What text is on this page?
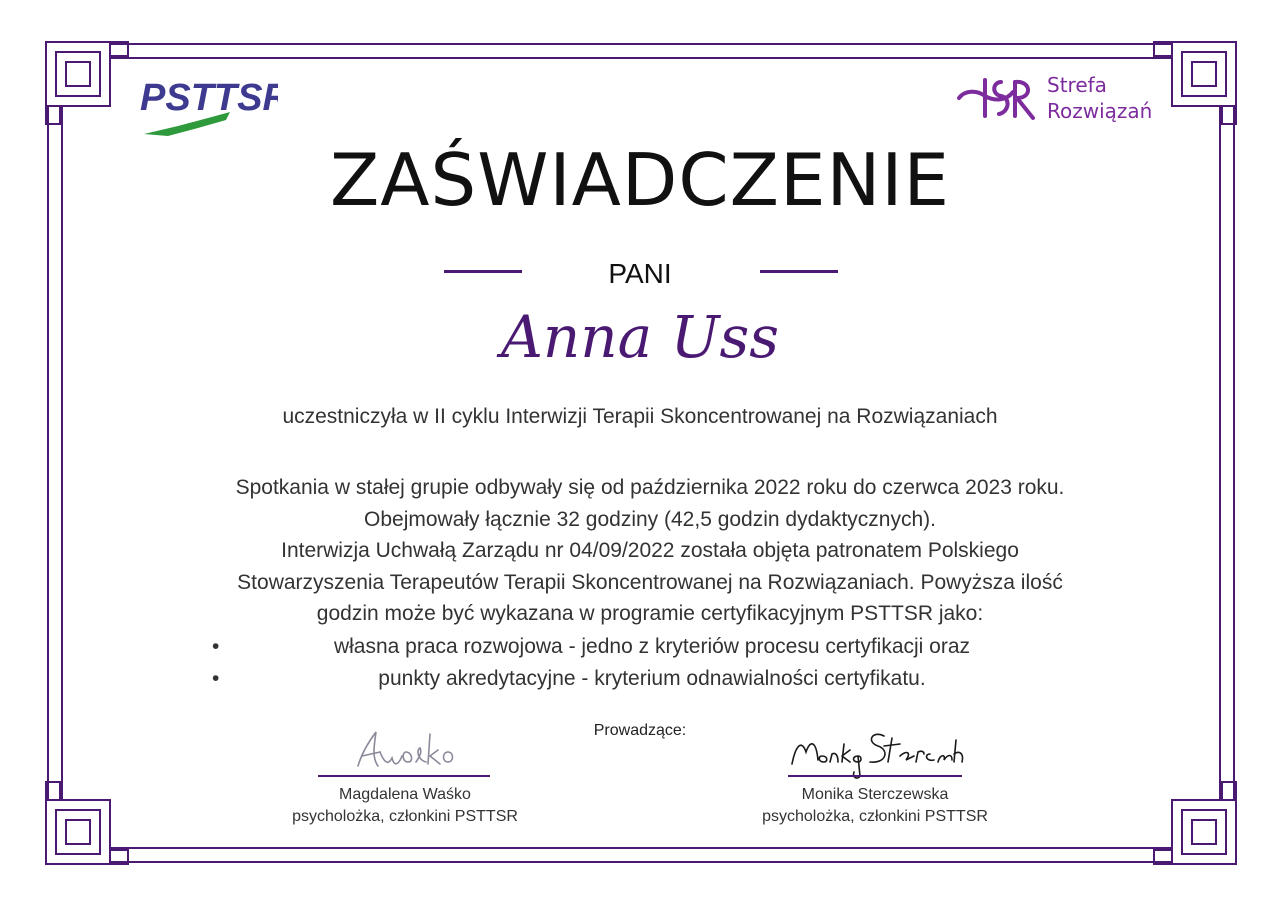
PSTTSR	Strefa
Rozwiązań
ZAŚWIADCZENIE
PANI
Anna Uss
uczestniczyła w II cyklu Interwizji Terapii Skoncentrowanej na Rozwiązaniach

Spotkania w stałej grupie odbywały się od października 2022 roku do czerwca 2023 roku.

Obejmowały łącznie 32 godziny (42,5 godzin dydaktycznych).

Interwizja Uchwałą Zarządu nr 04/09/2022 została objęta patronatem Polskiego

Stowarzyszenia Terapeutów Terapii Skoncentrowanej na Rozwiązaniach. Powyższa ilość

godzin może być wykazana w programie certyfikacyjnym PSTTSR jako:

• własna praca rozwojowa - jedno z kryteriów procesu certyfikacji oraz
• punkty akredytacyjne - kryterium odnawialności certyfikatu.
Prowadzące:
Magdalena Waśko
psycholożka, członkini PSTTSR
Monika Sterczewska
psycholożka, członkini PSTTSR
